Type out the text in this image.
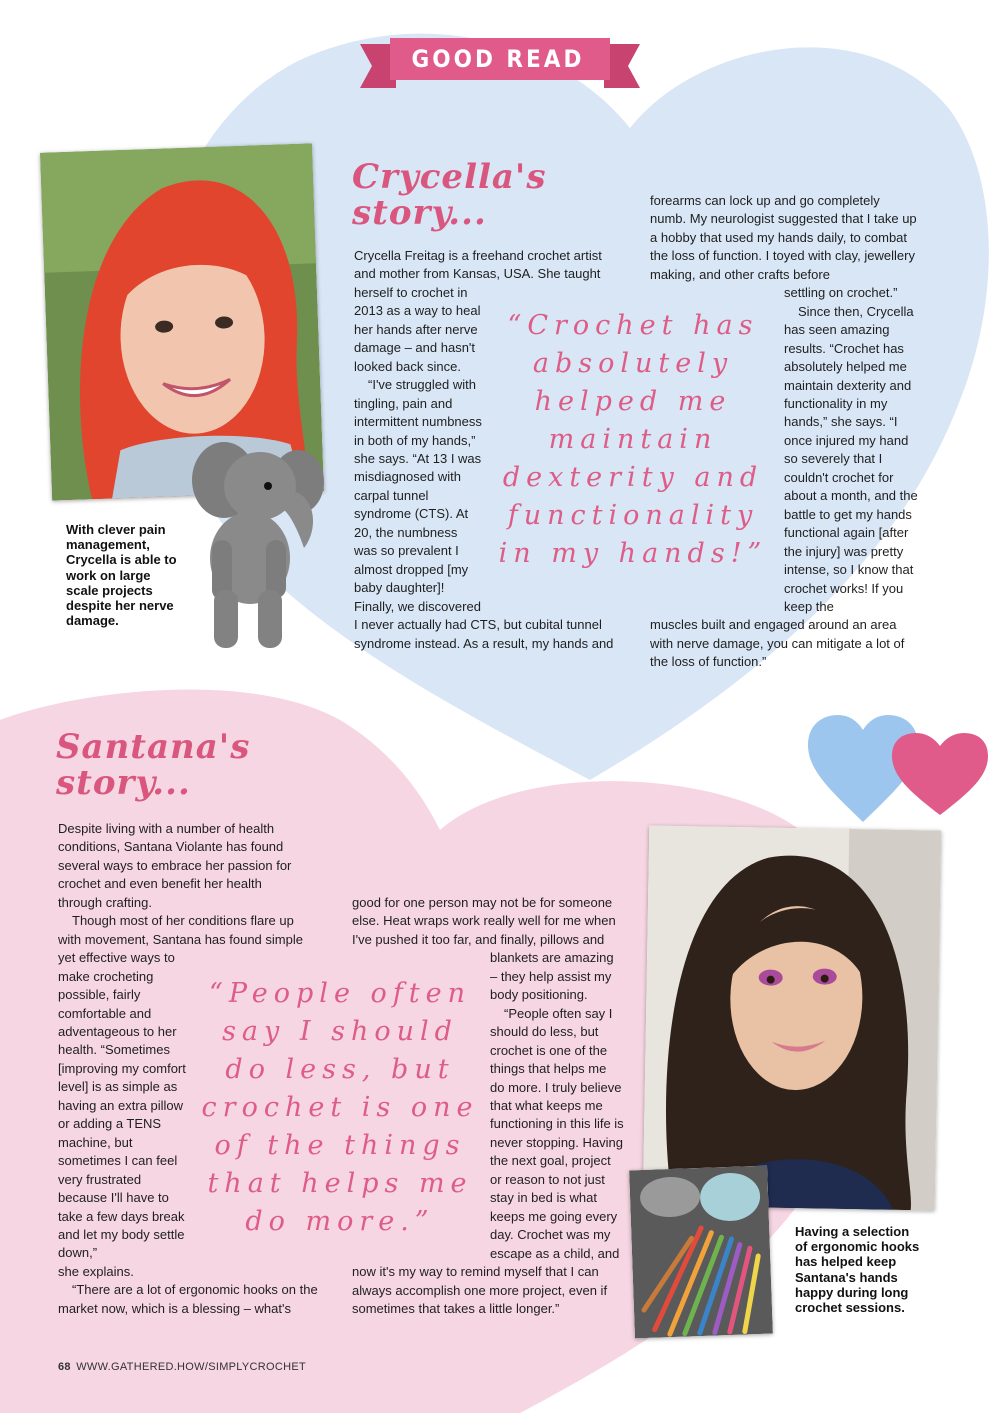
GOOD READ
With clever pain management, Crycella is able to work on large scale projects despite her nerve damage.
Crycella's
story...

Crycella Freitag is a freehand crochet artist and mother from Kansas, USA. She taught

herself to crochet in 2013 as a way to heal her hands after nerve damage – and hasn't looked back since.

“I've struggled with tingling, pain and intermittent numbness in both of my hands,” she says. “At 13 I was misdiagnosed with carpal tunnel syndrome (CTS). At 20, the numbness was so prevalent I almost dropped [my baby daughter]! Finally, we discovered

I never actually had CTS, but cubital tunnel syndrome instead. As a result, my hands and

forearms can lock up and go completely numb. My neurologist suggested that I take up a hobby that used my hands daily, to combat the loss of function. I toyed with clay, jewellery making, and other crafts before

settling on crochet.”

Since then, Crycella has seen amazing results. “Crochet has absolutely helped me maintain dexterity and functionality in my hands,” she says. “I once injured my hand so severely that I couldn't crochet for about a month, and the battle to get my hands functional again [after the injury] was pretty intense, so I know that crochet works! If you keep the

muscles built and engaged around an area with nerve damage, you can mitigate a lot of the loss of function.”

“Crochet has absolutely helped me maintain dexterity and functionality in my hands!”
Santana's
story...

Despite living with a number of health conditions, Santana Violante has found several ways to embrace her passion for crochet and even benefit her health through crafting.

Though most of her conditions flare up with movement, Santana has found simple

yet effective ways to make crocheting possible, fairly comfortable and adventageous to her health. “Sometimes [improving my comfort level] is as simple as having an extra pillow or adding a TENS machine, but sometimes I can feel very frustrated because I'll have to take a few days break and let my body settle down,”

she explains.

“There are a lot of ergonomic hooks on the market now, which is a blessing – what's

good for one person may not be for someone else. Heat wraps work really well for me when I've pushed it too far, and finally, pillows and

blankets are amazing – they help assist my body positioning.

“People often say I should do less, but crochet is one of the things that helps me do more. I truly believe that what keeps me functioning in this life is never stopping. Having the next goal, project or reason to not just stay in bed is what keeps me going every day. Crochet was my escape as a child, and

now it's my way to remind myself that I can always accomplish one more project, even if sometimes that takes a little longer.”

“People often say I should do less, but crochet is one of the things that helps me do more.”	Having a selection of ergonomic hooks has helped keep Santana's hands happy during long crochet sessions.
68 WWW.GATHERED.HOW/SIMPLYCROCHET
